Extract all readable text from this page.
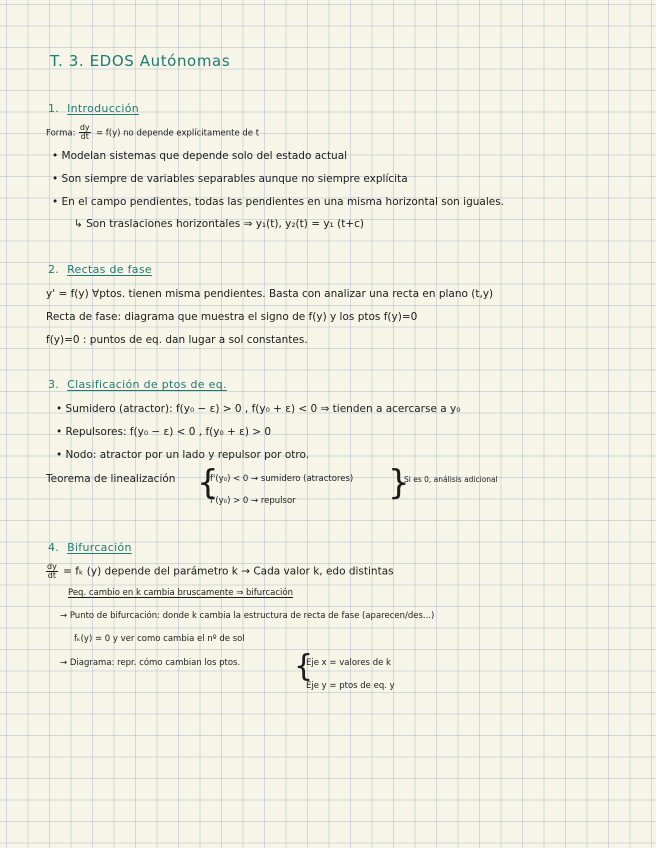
T. 3. EDOS Autónomas
1. Introducción
Forma: $\frac{dy}{dt} = f(y)$ no depende explícitamente de t
• Modelan sistemas que depende solo del estado actual
• Son siempre de variables separables aunque no siempre explícita
• En el campo pendientes, todas las pendientes en una misma horizontal son iguales.
↳ Son traslaciones horizontales ⇒ y₁(t), y₂(t) = y₁ (t+c)
2. Rectas de fase
y' = f(y) ∀ptos. tienen misma pendientes. Basta con analizar una recta en plano (t,y)
Recta de fase: diagrama que muestra el signo de f(y) y los ptos f(y)=0
f(y)=0 : puntos de eq. dan lugar a sol constantes.
3. Clasificación de ptos de eq.
• Sumidero (atractor): f(y₀ − ε) > 0 , f(y₀ + ε) < 0 ⇒ tienden a acercarse a y₀
• Repulsores: f(y₀ − ε) < 0 , f(y₀ + ε) > 0
• Nodo: atractor por un lado y repulsor por otro.
Teorema de linealización {
f'(y₀) < 0 → sumidero (atractores)
f'(y₀) > 0 → repulsor	}
Si es 0, análisis adicional
4. Bifurcación
$\frac{dy}{dt} = f_k$ (y) depende del parámetro k → Cada valor k, edo distintas
Peq. cambio en k cambia bruscamente ⇒ bifurcación
→ Punto de bifurcación: donde k cambia la estructura de recta de fase (aparecen/des...)
fₖ(y) = 0 y ver como cambia el nº de sol
→ Diagrama: repr. cómo cambian los ptos. {
Eje x = valores de k
Eje y = ptos de eq. y
